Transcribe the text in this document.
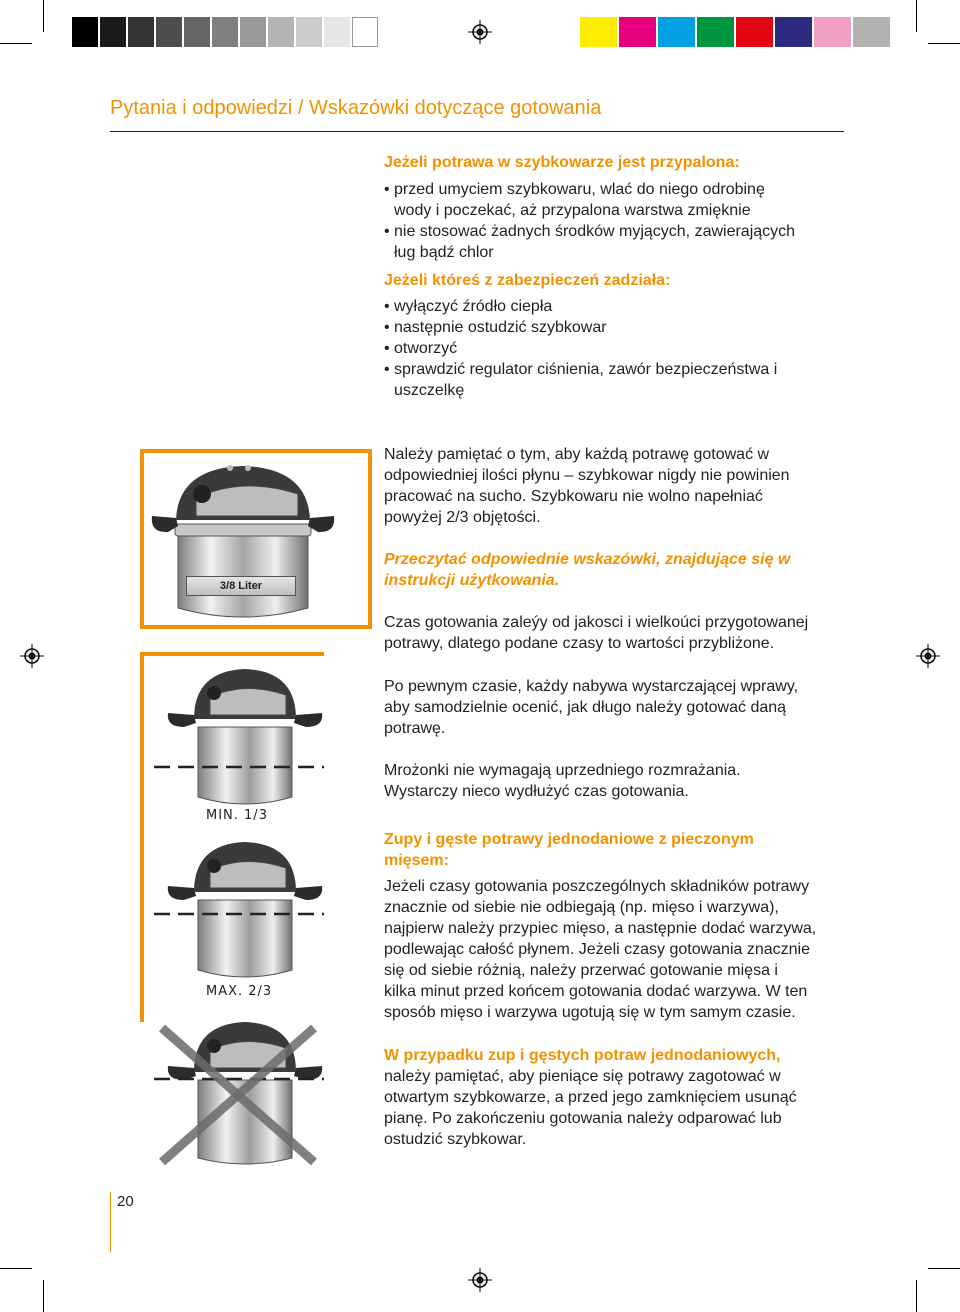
Pytania i odpowiedzi / Wskazówki dotyczące gotowania
Jeżeli potrawa w szybkowarze jest przypalona:
• przed umyciem szybkowaru, wlać do niego odrobinę
wody i poczekać, aż przypalona warstwa zmięknie
• nie stosować żadnych środków myjących, zawierających
ług bądź chlor
Jeżeli któreś z zabezpieczeń zadziała:
• wyłączyć źródło ciepła
• następnie ostudzić szybkowar
• otworzyć
• sprawdzić regulator ciśnienia, zawór bezpieczeństwa i
uszczelkę
Należy pamiętać o tym, aby każdą potrawę gotować w
odpowiedniej ilości płynu – szybkowar nigdy nie powinien
pracować na sucho. Szybkowaru nie wolno napełniać
powyżej 2/3 objętości.
Przeczytać odpowiednie wskazówki, znajdujące się w
instrukcji użytkowania.
Czas gotowania zaleýy od jakosci i wielkoúci przygotowanej
potrawy, dlatego podane czasy to wartości przybliżone.
Po pewnym czasie, każdy nabywa wystarczającej wprawy,
aby samodzielnie ocenić, jak długo należy gotować daną
potrawę.
Mrożonki nie wymagają uprzedniego rozmrażania.
Wystarczy nieco wydłużyć czas gotowania.
Zupy i gęste potrawy jednodaniowe z pieczonym
mięsem:
Jeżeli czasy gotowania poszczególnych składników potrawy
znacznie od siebie nie odbiegają (np. mięso i warzywa),
najpierw należy przypiec mięso, a następnie dodać warzywa,
podlewając całość płynem. Jeżeli czasy gotowania znacznie
się od siebie różnią, należy przerwać gotowanie mięsa i
kilka minut przed końcem gotowania dodać warzywa. W ten
sposób mięso i warzywa ugotują się w tym samym czasie.
W przypadku zup i gęstych potraw jednodaniowych,
należy pamiętać, aby pieniące się potrawy zagotować w
otwartym szybkowarze, a przed jego zamknięciem usunąć
pianę. Po zakończeniu gotowania należy odparować lub
ostudzić szybkowar.
3/8 Liter
MIN. 1/3
MAX. 2/3
20
